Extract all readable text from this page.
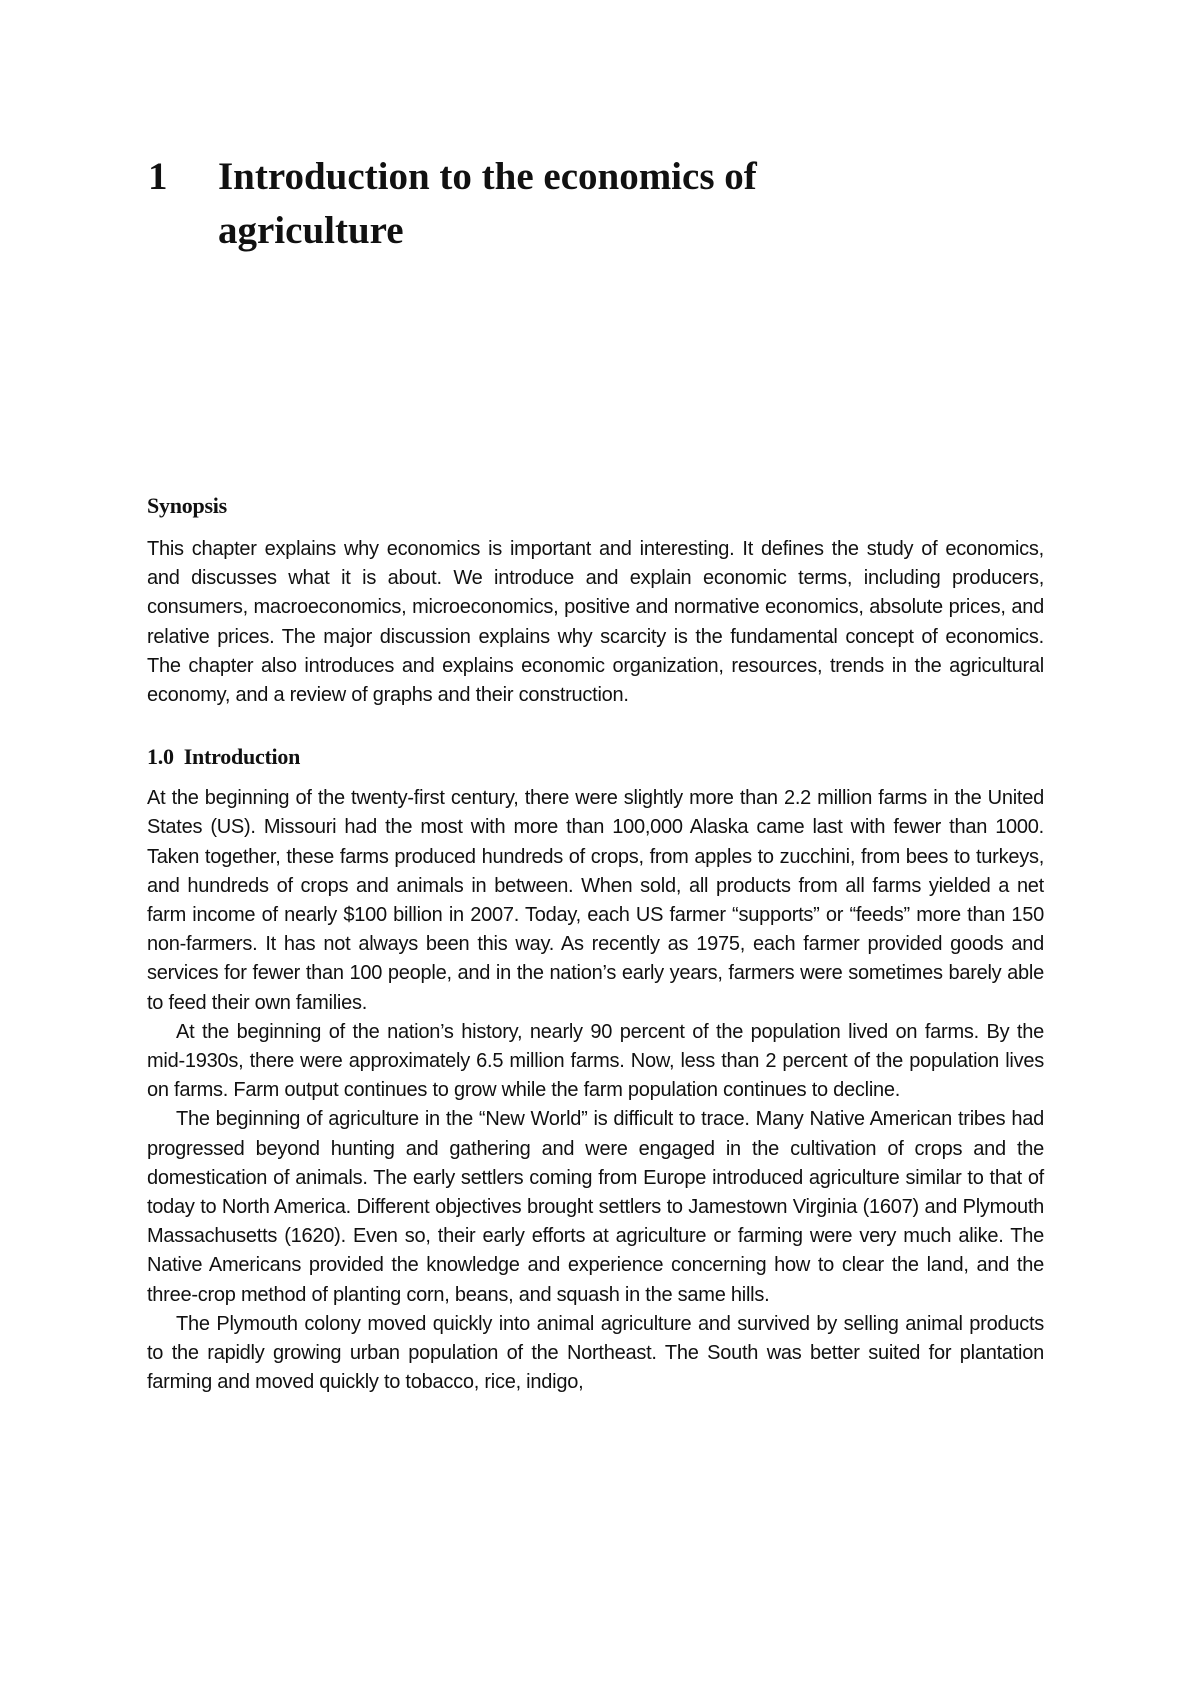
1 Introduction to the economics of agriculture
Synopsis

This chapter explains why economics is important and interesting. It defines the study of economics, and discusses what it is about. We introduce and explain economic terms, including producers, consumers, macroeconomics, microeconomics, positive and normative economics, absolute prices, and relative prices. The major discussion explains why scarcity is the fundamental concept of economics. The chapter also introduces and explains economic organization, resources, trends in the agricultural economy, and a review of graphs and their construction.

1.0 Introduction

At the beginning of the twenty-first century, there were slightly more than 2.2 million farms in the United States (US). Missouri had the most with more than 100,000 Alaska came last with fewer than 1000. Taken together, these farms produced hundreds of crops, from apples to zucchini, from bees to turkeys, and hundreds of crops and animals in between. When sold, all products from all farms yielded a net farm income of nearly $100 billion in 2007. Today, each US farmer “supports” or “feeds” more than 150 non-farmers. It has not always been this way. As recently as 1975, each farmer provided goods and services for fewer than 100 people, and in the nation’s early years, farmers were sometimes barely able to feed their own families.

At the beginning of the nation’s history, nearly 90 percent of the population lived on farms. By the mid-1930s, there were approximately 6.5 million farms. Now, less than 2 percent of the population lives on farms. Farm output continues to grow while the farm population continues to decline.

The beginning of agriculture in the “New World” is difficult to trace. Many Native American tribes had progressed beyond hunting and gathering and were engaged in the cultivation of crops and the domestication of animals. The early settlers coming from Europe introduced agriculture similar to that of today to North America. Different objectives brought settlers to Jamestown Virginia (1607) and Plymouth Massachusetts (1620). Even so, their early efforts at agriculture or farming were very much alike. The Native Americans provided the knowledge and experience concerning how to clear the land, and the three-crop method of planting corn, beans, and squash in the same hills.

The Plymouth colony moved quickly into animal agriculture and survived by selling animal products to the rapidly growing urban population of the Northeast. The South was better suited for plantation farming and moved quickly to tobacco, rice, indigo,
